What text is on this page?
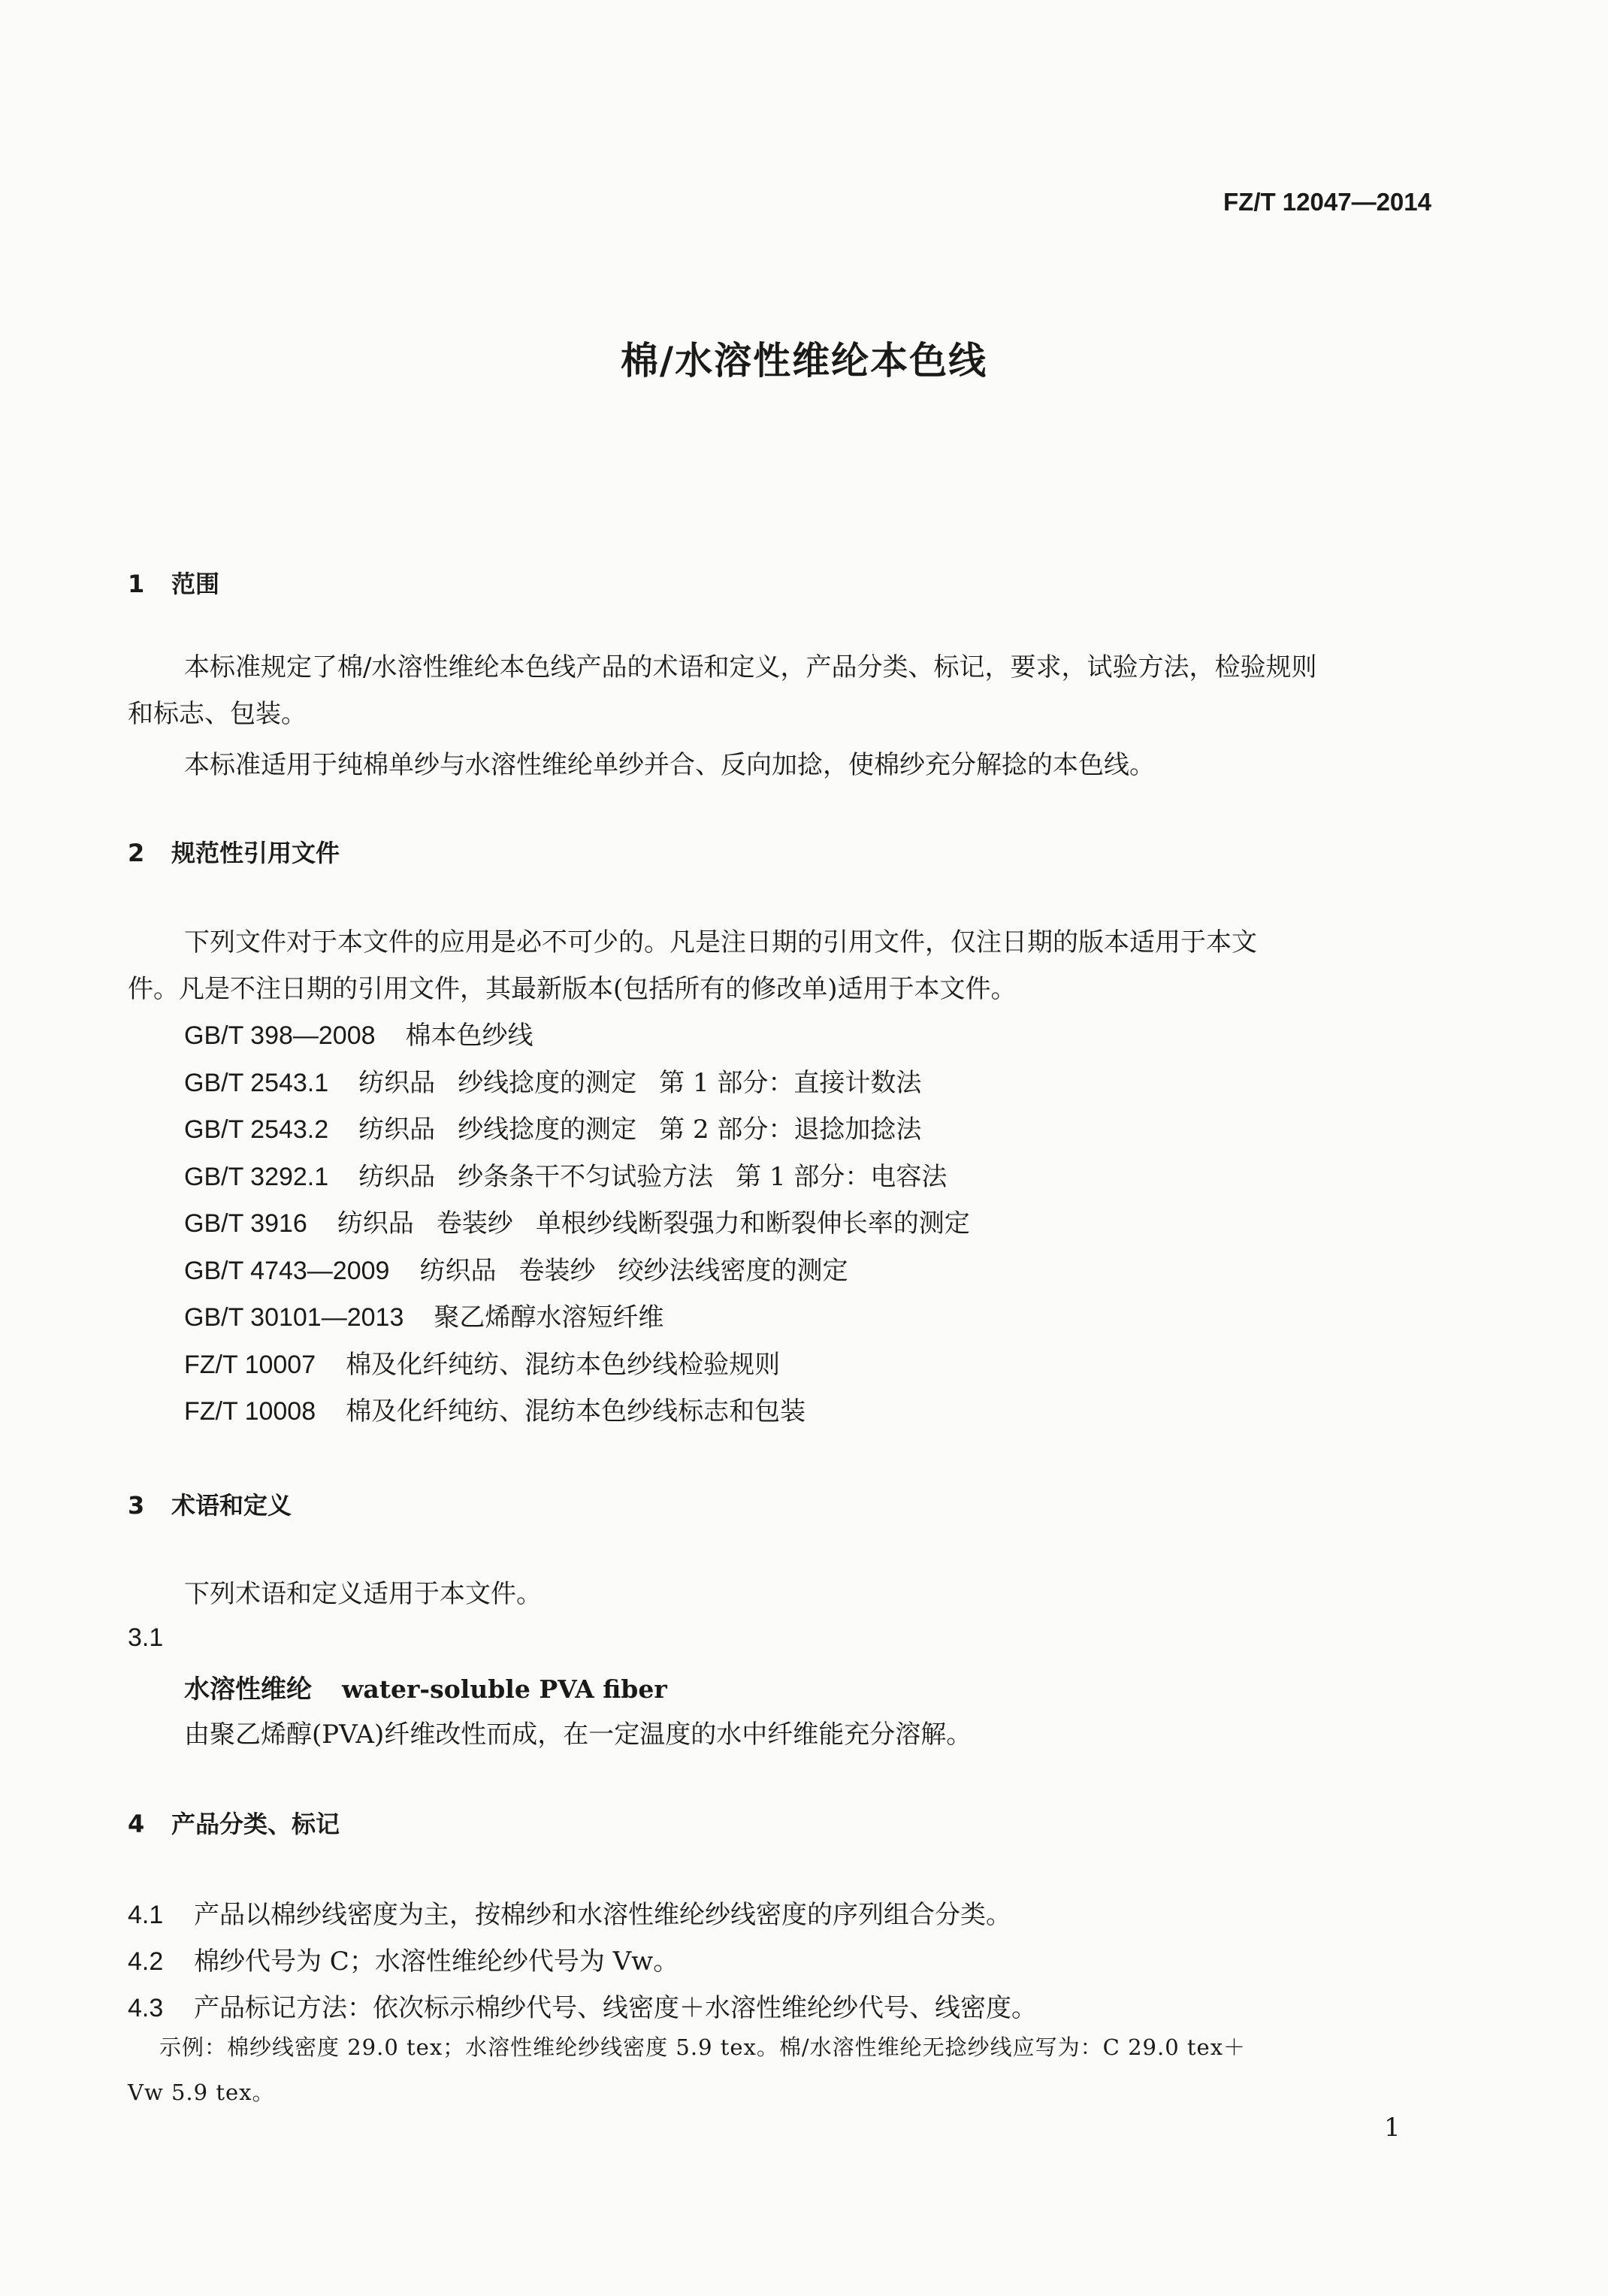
FZ/T 12047—2014
棉/水溶性维纶本色线
1 范围
本标准规定了棉/水溶性维纶本色线产品的术语和定义，产品分类、标记，要求，试验方法，检验规则
和标志、包装。
本标准适用于纯棉单纱与水溶性维纶单纱并合、反向加捻，使棉纱充分解捻的本色线。
2 规范性引用文件
下列文件对于本文件的应用是必不可少的。凡是注日期的引用文件，仅注日期的版本适用于本文
件。凡是不注日期的引用文件，其最新版本(包括所有的修改单)适用于本文件。
GB/T 398—2008 棉本色纱线
GB/T 2543.1 纺织品 纱线捻度的测定 第 1 部分：直接计数法
GB/T 2543.2 纺织品 纱线捻度的测定 第 2 部分：退捻加捻法
GB/T 3292.1 纺织品 纱条条干不匀试验方法 第 1 部分：电容法
GB/T 3916 纺织品 卷装纱 单根纱线断裂强力和断裂伸长率的测定
GB/T 4743—2009 纺织品 卷装纱 绞纱法线密度的测定
GB/T 30101—2013 聚乙烯醇水溶短纤维
FZ/T 10007 棉及化纤纯纺、混纺本色纱线检验规则
FZ/T 10008 棉及化纤纯纺、混纺本色纱线标志和包装
3 术语和定义
下列术语和定义适用于本文件。
3.1
水溶性维纶 water-soluble PVA fiber
由聚乙烯醇(PVA)纤维改性而成，在一定温度的水中纤维能充分溶解。
4 产品分类、标记
4.1 产品以棉纱线密度为主，按棉纱和水溶性维纶纱线密度的序列组合分类。
4.2 棉纱代号为 C；水溶性维纶纱代号为 Vw。
4.3 产品标记方法：依次标示棉纱代号、线密度＋水溶性维纶纱代号、线密度。
示例：棉纱线密度 29.0 tex；水溶性维纶纱线密度 5.9 tex。棉/水溶性维纶无捻纱线应写为：C 29.0 tex＋
Vw 5.9 tex。
1
